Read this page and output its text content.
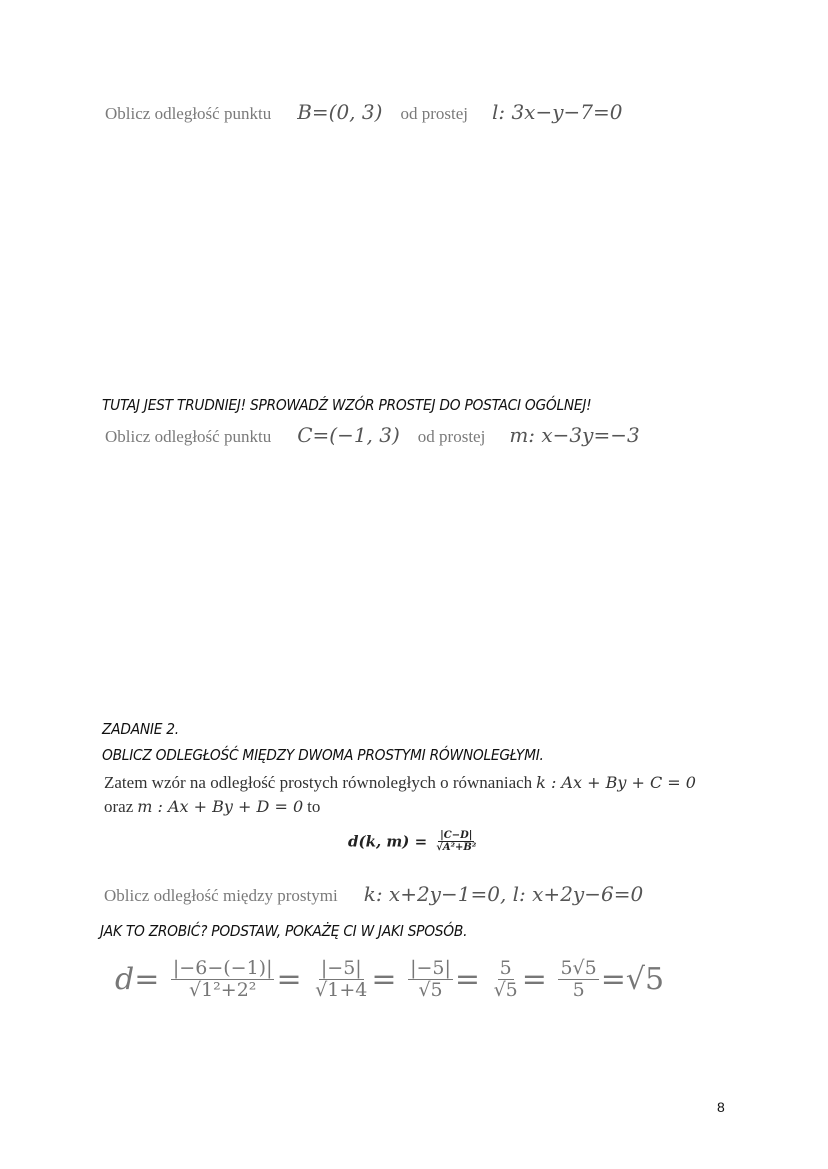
Oblicz odległość punktu B=(0, 3) od prostej l: 3x−y−7=0
TUTAJ JEST TRUDNIEJ! SPROWADŹ WZÓR PROSTEJ DO POSTACI OGÓLNEJ!
Oblicz odległość punktu C=(−1, 3) od prostej m: x−3y=−3
ZADANIE 2.
OBLICZ ODLEGŁOŚĆ MIĘDZY DWOMA PROSTYMI RÓWNOLEGŁYMI.
Zatem wzór na odległość prostych równoległych o równaniach k : Ax + By + C = 0
oraz m : Ax + By + D = 0 to
d(k, $m) = \frac{|C-D|}{\text{√A²+B²}}$
Oblicz odległość między prostymi k: x+2y−1=0, l: x+2y−6=0
JAK TO ZROBIĆ? PODSTAW, POKAŻĘ CI W JAKI SPOSÓB.
$d= \frac{|-6-(-1)|}{\text{√1²+2²}} = \frac{|-5|}{√1+4} = \frac{|-5|}{√5} = \frac{5}{√5} = \frac{5√5}{5} =√5$
8
